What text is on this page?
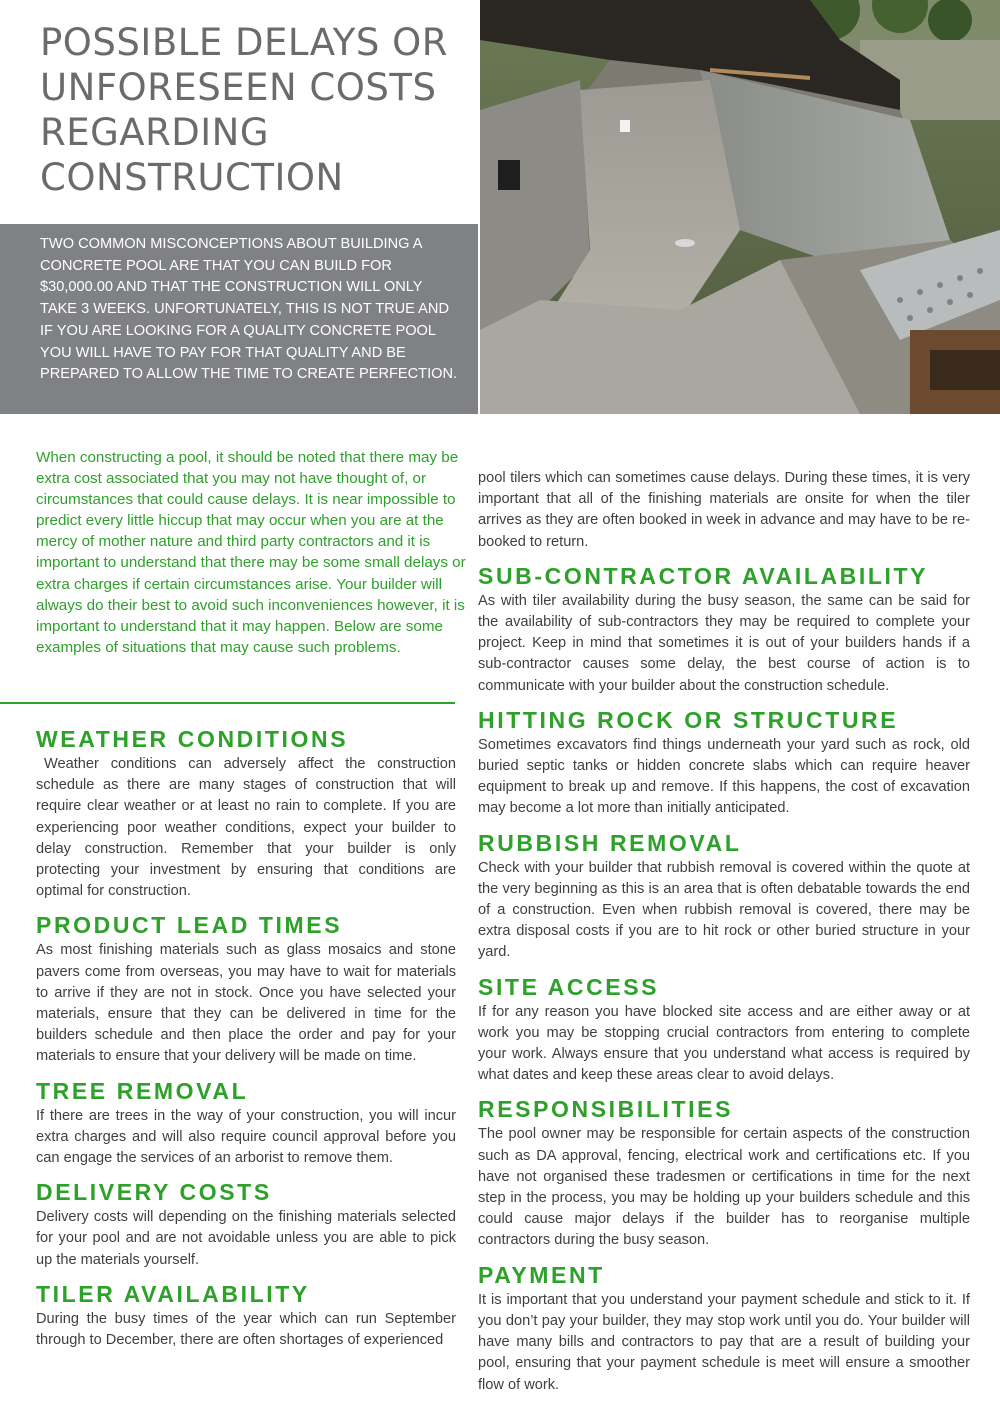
POSSIBLE DELAYS OR UNFORESEEN COSTS REGARDING CONSTRUCTION

TWO COMMON MISCONCEPTIONS ABOUT BUILDING A CONCRETE POOL ARE THAT YOU CAN BUILD FOR $30,000.00 AND THAT THE CONSTRUCTION WILL ONLY TAKE 3 WEEKS. UNFORTUNATELY, THIS IS NOT TRUE AND IF YOU ARE LOOKING FOR A QUALITY CONCRETE POOL YOU WILL HAVE TO PAY FOR THAT QUALITY AND BE PREPARED TO ALLOW THE TIME TO CREATE PERFECTION.

When constructing a pool, it should be noted that there may be extra cost associated that you may not have thought of, or circumstances that could cause delays. It is near impossible to predict every little hiccup that may occur when you are at the mercy of mother nature and third party contractors and it is important to understand that there may be some small delays or extra charges if certain circumstances arise. Your builder will always do their best to avoid such inconveniences however, it is important to understand that it may happen. Below are some examples of situations that may cause such problems.

WEATHER CONDITIONS

Weather conditions can adversely affect the construction schedule as there are many stages of construction that will require clear weather or at least no rain to complete. If you are experiencing poor weather conditions, expect your builder to delay construction. Remember that your builder is only protecting your investment by ensuring that conditions are optimal for construction.

PRODUCT LEAD TIMES

As most finishing materials such as glass mosaics and stone pavers come from overseas, you may have to wait for materials to arrive if they are not in stock. Once you have selected your materials, ensure that they can be delivered in time for the builders schedule and then place the order and pay for your materials to ensure that your delivery will be made on time.

TREE REMOVAL

If there are trees in the way of your construction, you will incur extra charges and will also require council approval before you can engage the services of an arborist to remove them.

DELIVERY COSTS

Delivery costs will depending on the finishing materials selected for your pool and are not avoidable unless you are able to pick up the materials yourself.

TILER AVAILABILITY

During the busy times of the year which can run September through to December, there are often shortages of experienced

pool tilers which can sometimes cause delays. During these times, it is very important that all of the finishing materials are onsite for when the tiler arrives as they are often booked in week in advance and may have to be re-booked to return.

SUB-CONTRACTOR AVAILABILITY

As with tiler availability during the busy season, the same can be said for the availability of sub-contractors they may be required to complete your project. Keep in mind that sometimes it is out of your builders hands if a sub-contractor causes some delay, the best course of action is to communicate with your builder about the construction schedule.

HITTING ROCK OR STRUCTURE

Sometimes excavators find things underneath your yard such as rock, old buried septic tanks or hidden concrete slabs which can require heaver equipment to break up and remove. If this happens, the cost of excavation may become a lot more than initially anticipated.

RUBBISH REMOVAL

Check with your builder that rubbish removal is covered within the quote at the very beginning as this is an area that is often debatable towards the end of a construction. Even when rubbish removal is covered, there may be extra disposal costs if you are to hit rock or other buried structure in your yard.

SITE ACCESS

If for any reason you have blocked site access and are either away or at work you may be stopping crucial contractors from entering to complete your work. Always ensure that you understand what access is required by what dates and keep these areas clear to avoid delays.

RESPONSIBILITIES

The pool owner may be responsible for certain aspects of the construction such as DA approval, fencing, electrical work and certifications etc. If you have not organised these tradesmen or certifications in time for the next step in the process, you may be holding up your builders schedule and this could cause major delays if the builder has to reorganise multiple contractors during the busy season.

PAYMENT

It is important that you understand your payment schedule and stick to it. If you don’t pay your builder, they may stop work until you do. Your builder will have many bills and contractors to pay that are a result of building your pool, ensuring that your payment schedule is meet will ensure a smoother flow of work.
